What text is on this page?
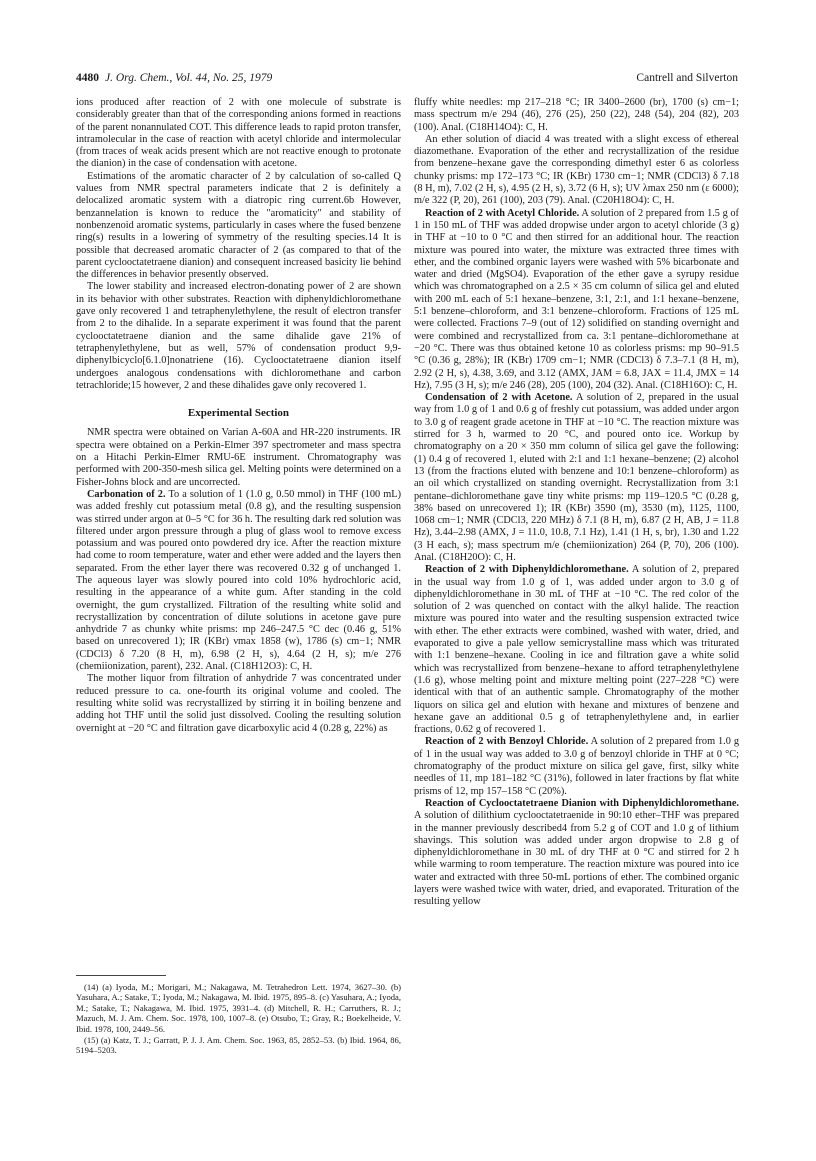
4480 J. Org. Chem., Vol. 44, No. 25, 1979	Cantrell and Silverton

ions produced after reaction of 2 with one molecule of substrate is considerably greater than that of the corresponding anions formed in reactions of the parent nonannulated COT. This difference leads to rapid proton transfer, intramolecular in the case of reaction with acetyl chloride and intermolecular (from traces of weak acids present which are not reactive enough to protonate the dianion) in the case of condensation with acetone.

Estimations of the aromatic character of 2 by calculation of so-called Q values from NMR spectral parameters indicate that 2 is definitely a delocalized aromatic system with a diatropic ring current.6b However, benzannelation is known to reduce the "aromaticity" and stability of nonbenzenoid aromatic systems, particularly in cases where the fused benzene ring(s) results in a lowering of symmetry of the resulting species.14 It is possible that decreased aromatic character of 2 (as compared to that of the parent cyclooctatetraene dianion) and consequent increased basicity lie behind the differences in behavior presently observed.

The lower stability and increased electron-donating power of 2 are shown in its behavior with other substrates. Reaction with diphenyldichloromethane gave only recovered 1 and tetraphenylethylene, the result of electron transfer from 2 to the dihalide. In a separate experiment it was found that the parent cyclooctatetraene dianion and the same dihalide gave 21% of tetraphenylethylene, but as well, 57% of condensation product 9,9-diphenylbicyclo[6.1.0]nonatriene (16). Cyclooctatetraene dianion itself undergoes analogous condensations with dichloromethane and carbon tetrachloride;15 however, 2 and these dihalides gave only recovered 1.

Experimental Section

NMR spectra were obtained on Varian A-60A and HR-220 instruments. IR spectra were obtained on a Perkin-Elmer 397 spectrometer and mass spectra on a Hitachi Perkin-Elmer RMU-6E instrument. Chromatography was performed with 200-350-mesh silica gel. Melting points were determined on a Fisher-Johns block and are uncorrected.

Carbonation of 2. To a solution of 1 (1.0 g, 0.50 mmol) in THF (100 mL) was added freshly cut potassium metal (0.8 g), and the resulting suspension was stirred under argon at 0–5 °C for 36 h. The resulting dark red solution was filtered under argon pressure through a plug of glass wool to remove excess potassium and was poured onto powdered dry ice. After the reaction mixture had come to room temperature, water and ether were added and the layers then separated. From the ether layer there was recovered 0.32 g of unchanged 1. The aqueous layer was slowly poured into cold 10% hydrochloric acid, resulting in the appearance of a white gum. After standing in the cold overnight, the gum crystallized. Filtration of the resulting white solid and recrystallization by concentration of dilute solutions in acetone gave pure anhydride 7 as chunky white prisms: mp 246–247.5 °C dec (0.46 g, 51% based on unrecovered 1); IR (KBr) νmax 1858 (w), 1786 (s) cm−1; NMR (CDCl3) δ 7.20 (8 H, m), 6.98 (2 H, s), 4.64 (2 H, s); m/e 276 (chemiionization, parent), 232. Anal. (C18H12O3): C, H.

The mother liquor from filtration of anhydride 7 was concentrated under reduced pressure to ca. one-fourth its original volume and cooled. The resulting white solid was recrystallized by stirring it in boiling benzene and adding hot THF until the solid just dissolved. Cooling the resulting solution overnight at −20 °C and filtration gave dicarboxylic acid 4 (0.28 g, 22%) as

(14) (a) Iyoda, M.; Morigari, M.; Nakagawa, M. Tetrahedron Lett. 1974, 3627–30. (b) Yasuhara, A.; Satake, T.; Iyoda, M.; Nakagawa, M. Ibid. 1975, 895–8. (c) Yasuhara, A.; Iyoda, M.; Satake, T.; Nakagawa, M. Ibid. 1975, 3931–4. (d) Mitchell, R. H.; Carruthers, R. J.; Mazuch, M. J. Am. Chem. Soc. 1978, 100, 1007–8. (e) Otsubo, T.; Gray, R.; Boekelheide, V. Ibid. 1978, 100, 2449–56.

(15) (a) Katz, T. J.; Garratt, P. J. J. Am. Chem. Soc. 1963, 85, 2852–53. (b) Ibid. 1964, 86, 5194–5203.

fluffy white needles: mp 217–218 °C; IR 3400–2600 (br), 1700 (s) cm−1; mass spectrum m/e 294 (46), 276 (25), 250 (22), 248 (54), 204 (82), 203 (100). Anal. (C18H14O4): C, H.

An ether solution of diacid 4 was treated with a slight excess of ethereal diazomethane. Evaporation of the ether and recrystallization of the residue from benzene–hexane gave the corresponding dimethyl ester 6 as colorless chunky prisms: mp 172–173 °C; IR (KBr) 1730 cm−1; NMR (CDCl3) δ 7.18 (8 H, m), 7.02 (2 H, s), 4.95 (2 H, s), 3.72 (6 H, s); UV λmax 250 nm (ε 6000); m/e 322 (P, 20), 261 (100), 203 (79). Anal. (C20H18O4): C, H.

Reaction of 2 with Acetyl Chloride. A solution of 2 prepared from 1.5 g of 1 in 150 mL of THF was added dropwise under argon to acetyl chloride (3 g) in THF at −10 to 0 °C and then stirred for an additional hour. The reaction mixture was poured into water, the mixture was extracted three times with ether, and the combined organic layers were washed with 5% bicarbonate and water and dried (MgSO4). Evaporation of the ether gave a syrupy residue which was chromatographed on a 2.5 × 35 cm column of silica gel and eluted with 200 mL each of 5:1 hexane–benzene, 3:1, 2:1, and 1:1 hexane–benzene, 5:1 benzene–chloroform, and 3:1 benzene–chloroform. Fractions of 125 mL were collected. Fractions 7–9 (out of 12) solidified on standing overnight and were combined and recrystallized from ca. 3:1 pentane–dichloromethane at −20 °C. There was thus obtained ketone 10 as colorless prisms: mp 90–91.5 °C (0.36 g, 28%); IR (KBr) 1709 cm−1; NMR (CDCl3) δ 7.3–7.1 (8 H, m), 2.92 (2 H, s), 4.38, 3.69, and 3.12 (AMX, JAM = 6.8, JAX = 11.4, JMX = 14 Hz), 7.95 (3 H, s); m/e 246 (28), 205 (100), 204 (32). Anal. (C18H16O): C, H.

Condensation of 2 with Acetone. A solution of 2, prepared in the usual way from 1.0 g of 1 and 0.6 g of freshly cut potassium, was added under argon to 3.0 g of reagent grade acetone in THF at −10 °C. The reaction mixture was stirred for 3 h, warmed to 20 °C, and poured onto ice. Workup by chromatography on a 20 × 350 mm column of silica gel gave the following: (1) 0.4 g of recovered 1, eluted with 2:1 and 1:1 hexane–benzene; (2) alcohol 13 (from the fractions eluted with benzene and 10:1 benzene–chloroform) as an oil which crystallized on standing overnight. Recrystallization from 3:1 pentane–dichloromethane gave tiny white prisms: mp 119–120.5 °C (0.28 g, 38% based on unrecovered 1); IR (KBr) 3590 (m), 3530 (m), 1125, 1100, 1068 cm−1; NMR (CDCl3, 220 MHz) δ 7.1 (8 H, m), 6.87 (2 H, AB, J = 11.8 Hz), 3.44–2.98 (AMX, J = 11.0, 10.8, 7.1 Hz), 1.41 (1 H, s, br), 1.30 and 1.22 (3 H each, s); mass spectrum m/e (chemiionization) 264 (P, 70), 206 (100). Anal. (C18H20O): C, H.

Reaction of 2 with Diphenyldichloromethane. A solution of 2, prepared in the usual way from 1.0 g of 1, was added under argon to 3.0 g of diphenyldichloromethane in 30 mL of THF at −10 °C. The red color of the solution of 2 was quenched on contact with the alkyl halide. The reaction mixture was poured into water and the resulting suspension extracted twice with ether. The ether extracts were combined, washed with water, dried, and evaporated to give a pale yellow semicrystalline mass which was triturated with 1:1 benzene–hexane. Cooling in ice and filtration gave a white solid which was recrystallized from benzene–hexane to afford tetraphenylethylene (1.6 g), whose melting point and mixture melting point (227–228 °C) were identical with that of an authentic sample. Chromatography of the mother liquors on silica gel and elution with hexane and mixtures of benzene and hexane gave an additional 0.5 g of tetraphenylethylene and, in earlier fractions, 0.62 g of recovered 1.

Reaction of 2 with Benzoyl Chloride. A solution of 2 prepared from 1.0 g of 1 in the usual way was added to 3.0 g of benzoyl chloride in THF at 0 °C; chromatography of the product mixture on silica gel gave, first, silky white needles of 11, mp 181–182 °C (31%), followed in later fractions by flat white prisms of 12, mp 157–158 °C (20%).

Reaction of Cyclooctatetraene Dianion with Diphenyldichloromethane. A solution of dilithium cyclooctatetraenide in 90:10 ether–THF was prepared in the manner previously described4 from 5.2 g of COT and 1.0 g of lithium shavings. This solution was added under argon dropwise to 2.8 g of diphenyldichloromethane in 30 mL of dry THF at 0 °C and stirred for 2 h while warming to room temperature. The reaction mixture was poured into ice water and extracted with three 50-mL portions of ether. The combined organic layers were washed twice with water, dried, and evaporated. Trituration of the resulting yellow
